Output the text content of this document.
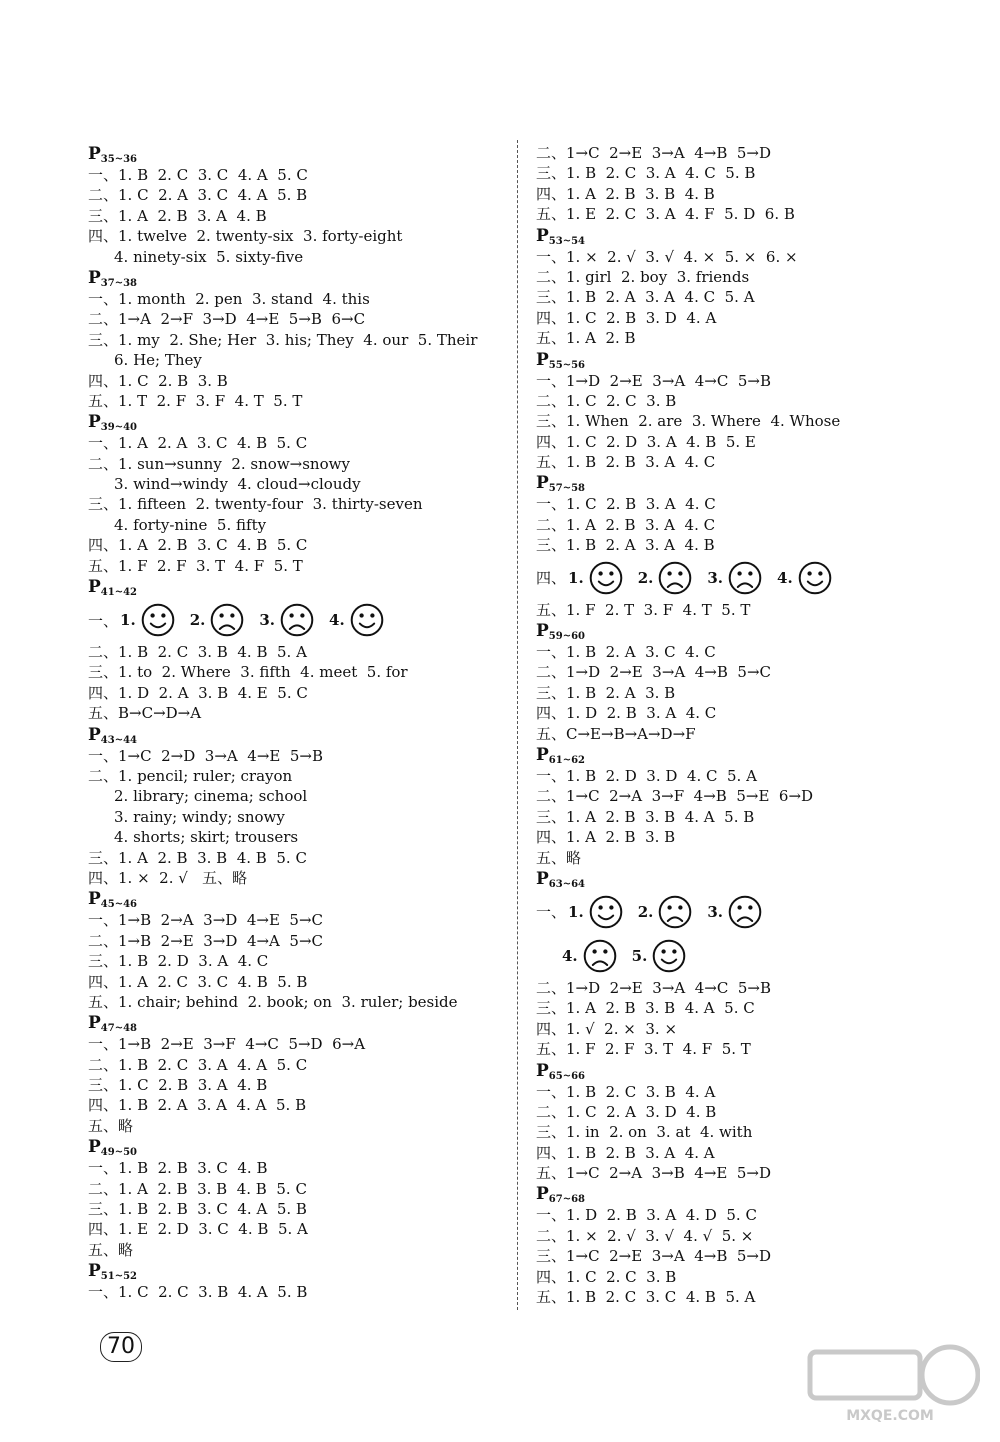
$P_{35\sim 36}$
一、1. B  2. C  3. C  4. A  5. C
二、1. C  2. A  3. C  4. A  5. B
三、1. A  2. B  3. A  4. B
四、1. twelve  2. twenty-six  3. forty-eight
4. ninety-six  5. sixty-five
$P_{37\sim 38}$
一、1. month  2. pen  3. stand  4. this
二、1→A  2→F  3→D  4→E  5→B  6→C
三、1. my  2. She; Her  3. his; They  4. our  5. Their
6. He; They
四、1. C  2. B  3. B
五、1. T  2. F  3. F  4. T  5. T
$P_{39\sim 40}$
一、1. A  2. A  3. C  4. B  5. C
二、1. sun→sunny  2. snow→snowy
3. wind→windy  4. cloud→cloudy
三、1. fifteen  2. twenty-four  3. thirty-seven
4. forty-nine  5. fifty
四、1. A  2. B  3. C  4. B  5. C
五、1. F  2. F  3. T  4. F  5. T
$P_{41\sim 42}$
一、 1.	2.	3.	4.
二、1. B  2. C  3. B  4. B  5. A
三、1. to  2. Where  3. fifth  4. meet  5. for
四、1. D  2. A  3. B  4. E  5. C
五、B→C→D→A
$P_{43\sim 44}$
一、1→C  2→D  3→A  4→E  5→B
二、1. pencil; ruler; crayon
2. library; cinema; school
3. rainy; windy; snowy
4. shorts; skirt; trousers
三、1. A  2. B  3. B  4. B  5. C
四、1. ×  2. √   五、略
$P_{45\sim 46}$
一、1→B  2→A  3→D  4→E  5→C
二、1→B  2→E  3→D  4→A  5→C
三、1. B  2. D  3. A  4. C
四、1. A  2. C  3. C  4. B  5. B
五、1. chair; behind  2. book; on  3. ruler; beside
$P_{47\sim 48}$
一、1→B  2→E  3→F  4→C  5→D  6→A
二、1. B  2. C  3. A  4. A  5. C
三、1. C  2. B  3. A  4. B
四、1. B  2. A  3. A  4. A  5. B
五、略
$P_{49\sim 50}$
一、1. B  2. B  3. C  4. B
二、1. A  2. B  3. B  4. B  5. C
三、1. B  2. B  3. C  4. A  5. B
四、1. E  2. D  3. C  4. B  5. A
五、略
$P_{51\sim 52}$
一、1. C  2. C  3. B  4. A  5. B
二、1→C  2→E  3→A  4→B  5→D
三、1. B  2. C  3. A  4. C  5. B
四、1. A  2. B  3. B  4. B
五、1. E  2. C  3. A  4. F  5. D  6. B
$P_{53\sim 54}$
一、1. ×  2. √  3. √  4. ×  5. ×  6. ×
二、1. girl  2. boy  3. friends
三、1. B  2. A  3. A  4. C  5. A
四、1. C  2. B  3. D  4. A
五、1. A  2. B
$P_{55\sim 56}$
一、1→D  2→E  3→A  4→C  5→B
二、1. C  2. C  3. B
三、1. When  2. are  3. Where  4. Whose
四、1. C  2. D  3. A  4. B  5. E
五、1. B  2. B  3. A  4. C
$P_{57\sim 58}$
一、1. C  2. B  3. A  4. C
二、1. A  2. B  3. A  4. C
三、1. B  2. A  3. A  4. B
四、 1.	2.	3.	4.
五、1. F  2. T  3. F  4. T  5. T
$P_{59\sim 60}$
一、1. B  2. A  3. C  4. C
二、1→D  2→E  3→A  4→B  5→C
三、1. B  2. A  3. B
四、1. D  2. B  3. A  4. C
五、C→E→B→A→D→F
$P_{61\sim 62}$
一、1. B  2. D  3. D  4. C  5. A
二、1→C  2→A  3→F  4→B  5→E  6→D
三、1. A  2. B  3. B  4. A  5. B
四、1. A  2. B  3. B
五、略
$P_{63\sim 64}$
一、 1.	2.	3.
4.	5.
二、1→D  2→E  3→A  4→C  5→B
三、1. A  2. B  3. B  4. A  5. C
四、1. √  2. ×  3. ×
五、1. F  2. F  3. T  4. F  5. T
$P_{65\sim 66}$
一、1. B  2. C  3. B  4. A
二、1. C  2. A  3. D  4. B
三、1. in  2. on  3. at  4. with
四、1. B  2. B  3. A  4. A
五、1→C  2→A  3→B  4→E  5→D
$P_{67\sim 68}$
一、1. D  2. B  3. A  4. D  5. C
二、1. ×  2. √  3. √  4. √  5. ×
三、1→C  2→E  3→A  4→B  5→D
四、1. C  2. C  3. B
五、1. B  2. C  3. C  4. B  5. A
70
MXQE.COM
